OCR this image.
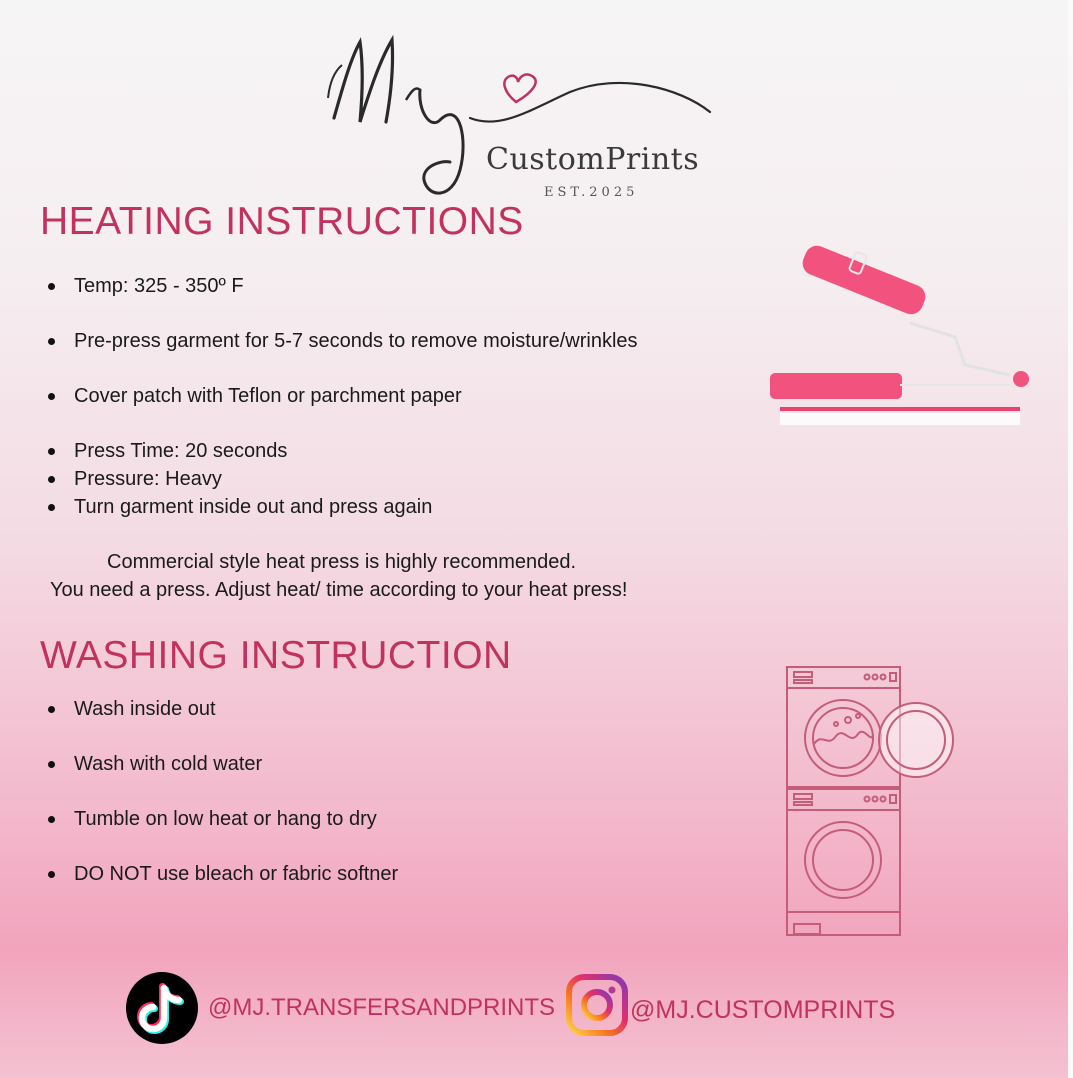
CustomPrints
EST.2025
HEATING INSTRUCTIONS
Temp: 325 - 350º F
Pre-press garment for 5-7 seconds to remove moisture/wrinkles
Cover patch with Teflon or parchment paper
Press Time: 20 seconds
Pressure: Heavy
Turn garment inside out and press again
Commercial style heat press is highly recommended.
You need a press. Adjust heat/ time according to your heat press!
WASHING INSTRUCTION
Wash inside out
Wash with cold water
Tumble on low heat or hang to dry
DO NOT use bleach or fabric softner
@MJ.TRANSFERSANDPRINTS	@MJ.CUSTOMPRINTS
